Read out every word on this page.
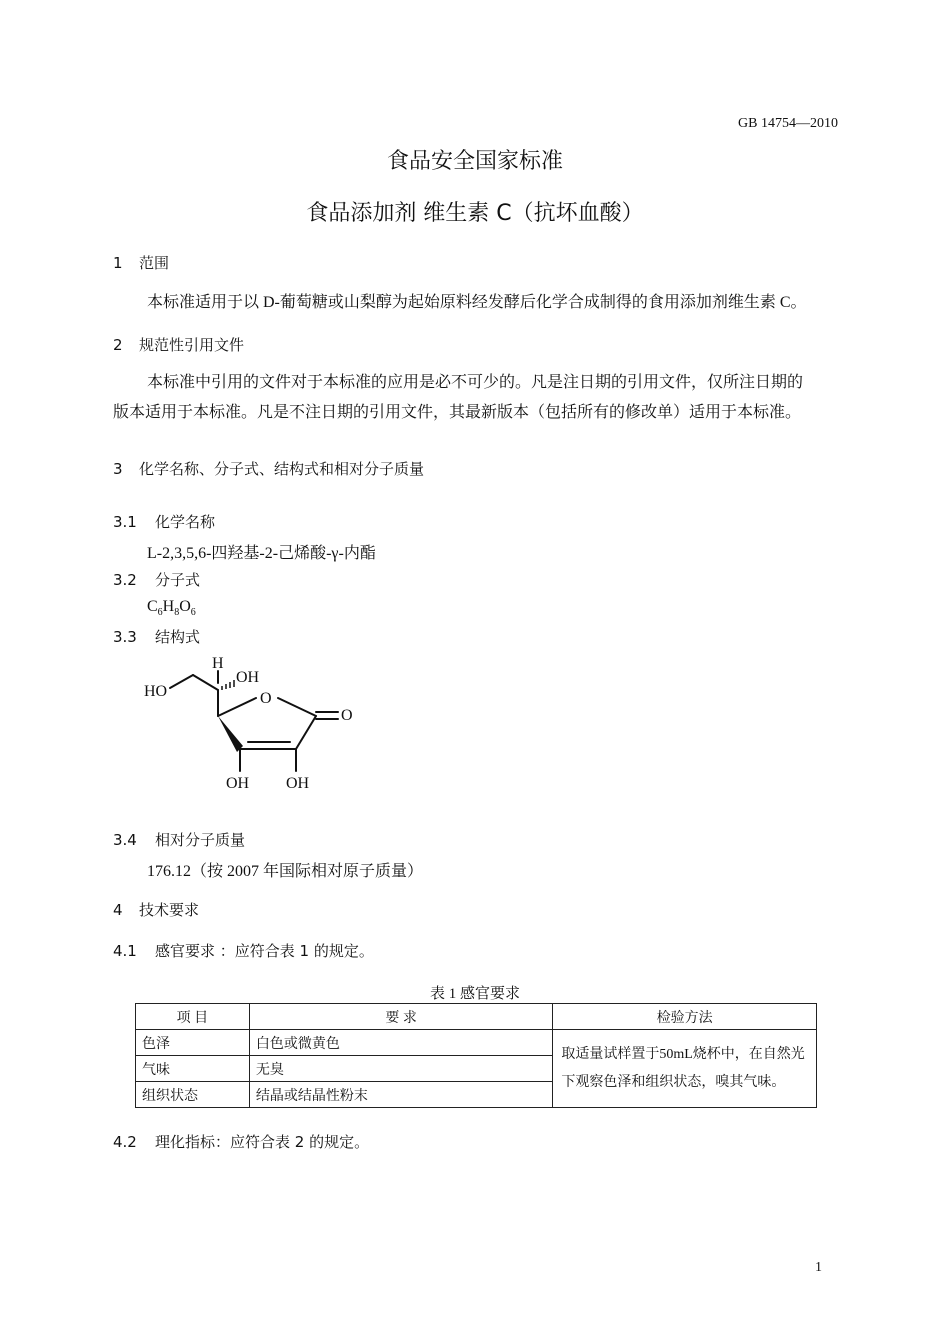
GB 14754—2010
食品安全国家标准
食品添加剂 维生素 C（抗坏血酸）
1 范围
本标准适用于以 D-葡萄糖或山梨醇为起始原料经发酵后化学合成制得的食用添加剂维生素 C。
2 规范性引用文件
本标准中引用的文件对于本标准的应用是必不可少的。凡是注日期的引用文件，仅所注日期的
版本适用于本标准。凡是不注日期的引用文件，其最新版本（包括所有的修改单）适用于本标准。
3 化学名称、分子式、结构式和相对分子质量
3.1 化学名称
L-2,3,5,6-四羟基-2-己烯酸-γ-内酯
3.2 分子式
$C_6H_8O_6$
3.3 结构式
H
OH
HO	O
O
OH OH
3.4 相对分子质量
176.12（按 2007 年国际相对原子质量）
4 技术要求
4.1 感官要求 ：应符合表 1 的规定。
表 1 感官要求
项 目	要 求	检验方法
色泽	白色或微黄色	取适量试样置于50mL烧杯中，在自然光下观察色泽和组织状态，嗅其气味。
气味	无臭	
组织状态	结晶或结晶性粉末	
4.2 理化指标：应符合表 2 的规定。
1
